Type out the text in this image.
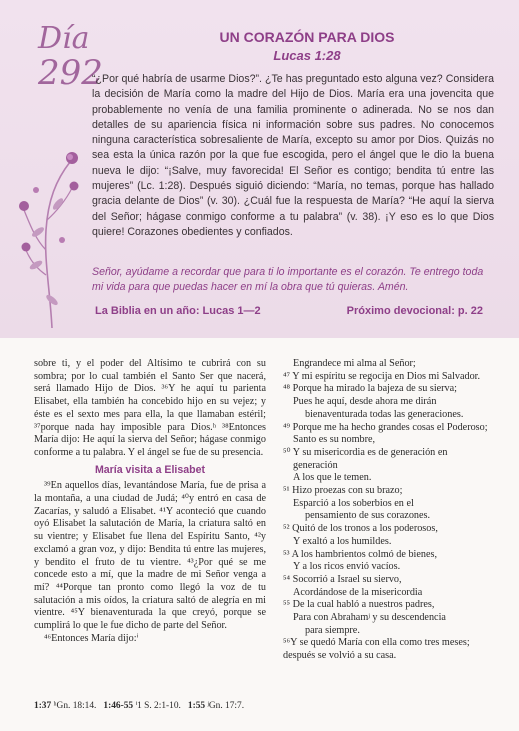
Día
292
UN CORAZÓN PARA DIOS
Lucas 1:28
“¿Por qué habría de usarme Dios?”. ¿Te has preguntado esto alguna vez? Considera la decisión de María como la madre del Hijo de Dios. María era una jovencita que probablemente no venía de una familia prominente o adinerada. No se nos dan detalles de su apariencia física ni información sobre sus padres. No conocemos ninguna característica sobresaliente de María, excepto su amor por Dios. Quizás no sea esta la única razón por la que fue escogida, pero el ángel que le dio la buena nueva le dijo: “¡Salve, muy favorecida! El Señor es contigo; bendita tú entre las mujeres” (Lc. 1:28). Después siguió diciendo: “María, no temas, porque has hallado gracia delante de Dios” (v. 30). ¿Cuál fue la respuesta de María? “He aquí la sierva del Señor; hágase conmigo conforme a tu palabra” (v. 38). ¡Y eso es lo que Dios quiere! Corazones obedientes y confiados.
Señor, ayúdame a recordar que para ti lo importante es el corazón. Te entrego toda mi vida para que puedas hacer en mí la obra que tú quieras. Amén.
La Biblia en un año: Lucas 1—2	Próximo devocional: p. 22

sobre ti, y el poder del Altísimo te cubrirá con su sombra; por lo cual también el Santo Ser que nacerá, será llamado Hijo de Dios. ³⁶Y he aquí tu parienta Elisabet, ella también ha concebido hijo en su vejez; y éste es el sexto mes para ella, la que llamaban estéril; ³⁷porque nada hay imposible para Dios.ʰ ³⁸Entonces María dijo: He aquí la sierva del Señor; hágase conmigo conforme a tu palabra. Y el ángel se fue de su presencia.

María visita a Elisabet

³⁹En aquellos días, levantándose María, fue de prisa a la montaña, a una ciudad de Judá; ⁴⁰y entró en casa de Zacarías, y saludó a Elisabet. ⁴¹Y aconteció que cuando oyó Elisabet la salutación de María, la criatura saltó en su vientre; y Elisabet fue llena del Espíritu Santo, ⁴²y exclamó a gran voz, y dijo: Bendita tú entre las mujeres, y bendito el fruto de tu vientre. ⁴³¿Por qué se me concede esto a mí, que la madre de mi Señor venga a mí? ⁴⁴Porque tan pronto como llegó la voz de tu salutación a mis oídos, la criatura saltó de alegría en mi vientre. ⁴⁵Y bienaventurada la que creyó, porque se cumplirá lo que le fue dicho de parte del Señor.

⁴⁶Entonces María dijo:ⁱ

Engrandece mi alma al Señor;

⁴⁷ Y mi espíritu se regocija en Dios mi Salvador.

⁴⁸ Porque ha mirado la bajeza de su sierva;

Pues he aquí, desde ahora me dirán

bienaventurada todas las generaciones.

⁴⁹ Porque me ha hecho grandes cosas el Poderoso;

Santo es su nombre,

⁵⁰ Y su misericordia es de generación en generación

A los que le temen.

⁵¹ Hizo proezas con su brazo;

Esparció a los soberbios en el

pensamiento de sus corazones.

⁵² Quitó de los tronos a los poderosos,

Y exaltó a los humildes.

⁵³ A los hambrientos colmó de bienes,

Y a los ricos envió vacíos.

⁵⁴ Socorrió a Israel su siervo,

Acordándose de la misericordia

⁵⁵ De la cual habló a nuestros padres,

Para con Abrahamʲ y su descendencia

para siempre.

⁵⁶Y se quedó María con ella como tres meses; después se volvió a su casa.

1:37 ʰGn. 18:14. 1:46-55 ⁱ1 S. 2:1-10. 1:55 ʲGn. 17:7.
